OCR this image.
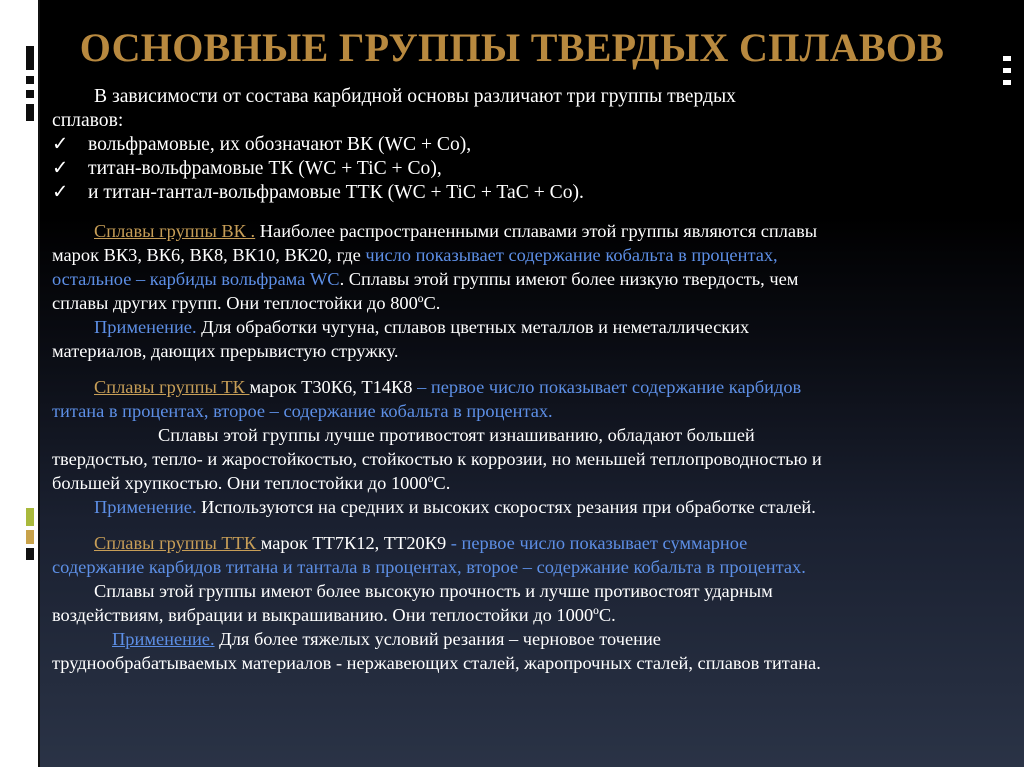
ОСНОВНЫЕ ГРУППЫ ТВЕРДЫХ СПЛАВОВ

В зависимости от состава карбидной основы различают три группы твердых

сплавов:

✓ вольфрамовые, их обозначают ВК (WC + Co),

✓ титан-вольфрамовые ТК (WC + TiC + Co),

✓ и титан-тантал-вольфрамовые ТТК (WC + TiC + TaC + Co).

Сплавы группы ВК . Наиболее распространенными сплавами этой группы являются сплавы

марок ВК3, ВК6, ВК8, ВК10, ВК20, где число показывает содержание кобальта в процентах,

остальное – карбиды вольфрама WC. Сплавы этой группы имеют более низкую твердость, чем

сплавы других групп. Они теплостойки до 800ºС.

Применение. Для обработки чугуна, сплавов цветных металлов и неметаллических

материалов, дающих прерывистую стружку.

Сплавы группы ТК марок Т30К6, Т14К8 – первое число показывает содержание карбидов

титана в процентах, второе – содержание кобальта в процентах.

Сплавы этой группы лучше противостоят изнашиванию, обладают большей

твердостью, тепло- и жаростойкостью, стойкостью к коррозии, но меньшей теплопроводностью и

большей хрупкостью. Они теплостойки до 1000ºС.

Применение. Используются на средних и высоких скоростях резания при обработке сталей.

Сплавы группы ТТК марок ТТ7К12, ТТ20К9 - первое число показывает суммарное

содержание карбидов титана и тантала в процентах, второе – содержание кобальта в процентах.

Сплавы этой группы имеют более высокую прочность и лучше противостоят ударным

воздействиям, вибрации и выкрашиванию. Они теплостойки до 1000ºС.

Применение. Для более тяжелых условий резания – черновое точение

труднообрабатываемых материалов - нержавеющих сталей, жаропрочных сталей, сплавов титана.
